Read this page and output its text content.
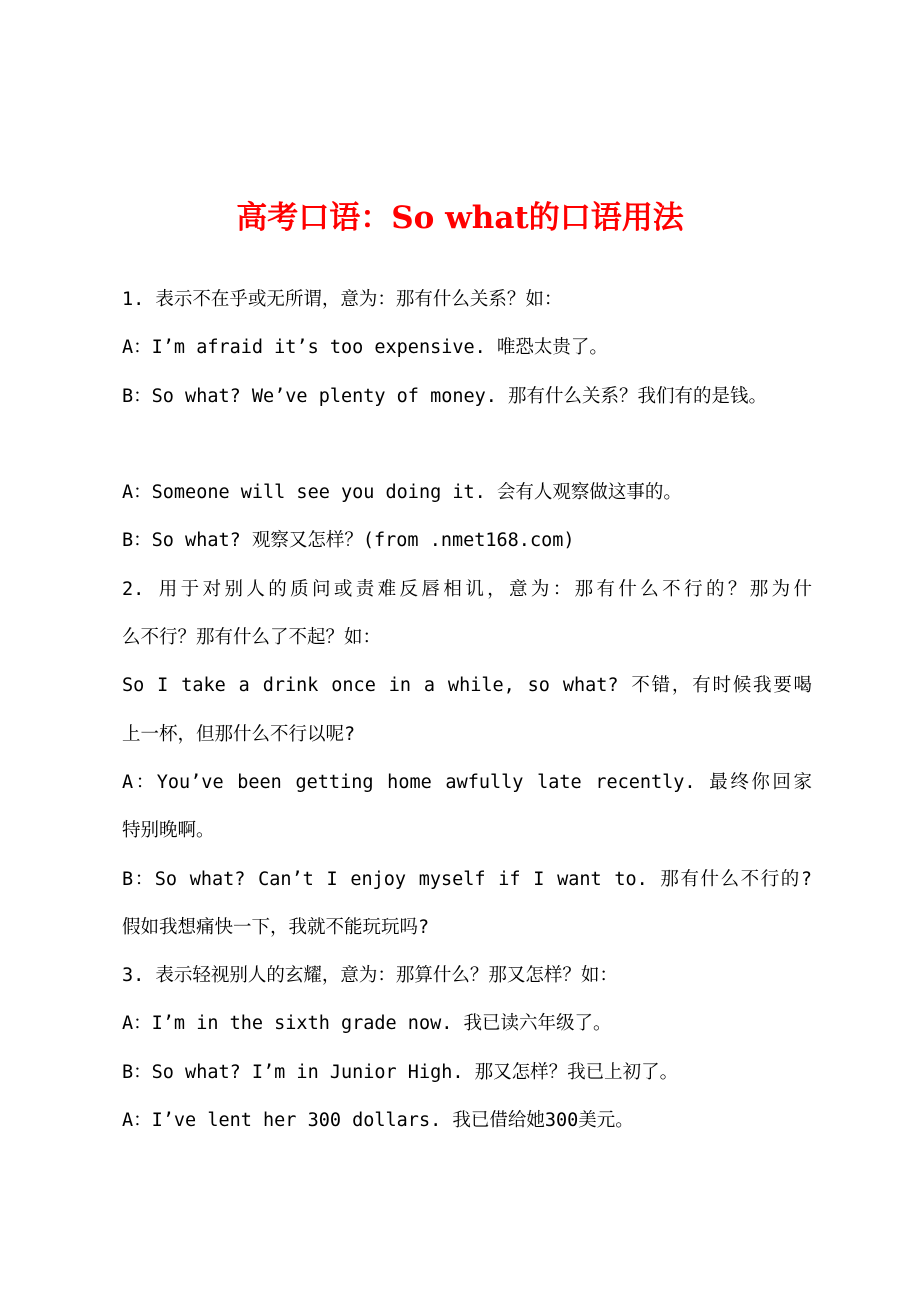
高考口语：So what的口语用法
1. 表示不在乎或无所谓，意为：那有什么关系？如：
A：I’m afraid it’s too expensive. 唯恐太贵了。
B：So what? We’ve plenty of money. 那有什么关系？我们有的是钱。
A：Someone will see you doing it. 会有人观察做这事的。
B：So what? 观察又怎样？(from .nmet168.com)
2. 用于对别人的质问或责难反唇相讥，意为：那有什么不行的？那为什
么不行？那有什么了不起？如：
So I take a drink once in a while, so what? 不错，有时候我要喝
上一杯，但那什么不行以呢?
A：You’ve been getting home awfully late recently. 最终你回家
特别晚啊。
B：So what? Can’t I enjoy myself if I want to. 那有什么不行的?
假如我想痛快一下，我就不能玩玩吗?
3. 表示轻视别人的玄耀，意为：那算什么？那又怎样？如：
A：I’m in the sixth grade now. 我已读六年级了。
B：So what? I’m in Junior High. 那又怎样？我已上初了。
A：I’ve lent her 300 dollars. 我已借给她300美元。
